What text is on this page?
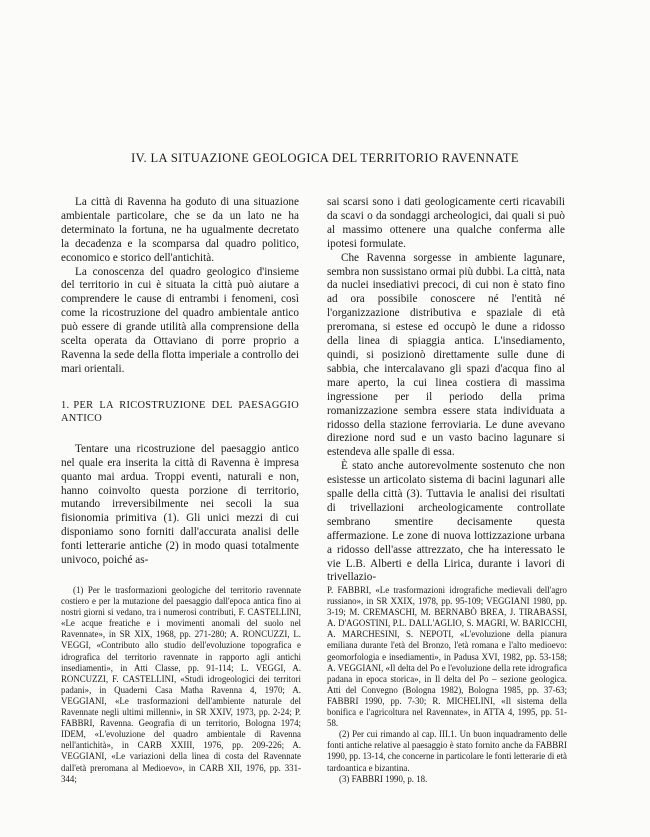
IV. LA SITUAZIONE GEOLOGICA DEL TERRITORIO RAVENNATE

La città di Ravenna ha goduto di una situazione ambientale particolare, che se da un lato ne ha determinato la fortuna, ne ha ugualmente decretato la decadenza e la scomparsa dal quadro politico, economico e storico dell'antichità.

La conoscenza del quadro geologico d'insieme del territorio in cui è situata la città può aiutare a comprendere le cause di entrambi i fenomeni, così come la ricostruzione del quadro ambientale antico può essere di grande utilità alla comprensione della scelta operata da Ottaviano di porre proprio a Ravenna la sede della flotta imperiale a controllo dei mari orientali.

1. PER LA RICOSTRUZIONE DEL PAESAGGIO ANTICO

Tentare una ricostruzione del paesaggio antico nel quale era inserita la città di Ravenna è impresa quanto mai ardua. Troppi eventi, naturali e non, hanno coinvolto questa porzione di territorio, mutando irreversibilmente nei secoli la sua fisionomia primitiva (1). Gli unici mezzi di cui disponiamo sono forniti dall'accurata analisi delle fonti letterarie antiche (2) in modo quasi totalmente univoco, poiché as-

sai scarsi sono i dati geologicamente certi ricavabili da scavi o da sondaggi archeologici, dai quali si può al massimo ottenere una qualche conferma alle ipotesi formulate.

Che Ravenna sorgesse in ambiente lagunare, sembra non sussistano ormai più dubbi. La città, nata da nuclei insediativi precoci, di cui non è stato fino ad ora possibile conoscere né l'entità né l'organizzazione distributiva e spaziale di età preromana, si estese ed occupò le dune a ridosso della linea di spiaggia antica. L'insediamento, quindi, si posizionò direttamente sulle dune di sabbia, che intercalavano gli spazi d'acqua fino al mare aperto, la cui linea costiera di massima ingressione per il periodo della prima romanizzazione sembra essere stata individuata a ridosso della stazione ferroviaria. Le dune avevano direzione nord sud e un vasto bacino lagunare si estendeva alle spalle di essa.

È stato anche autorevolmente sostenuto che non esistesse un articolato sistema di bacini lagunari alle spalle della città (3). Tuttavia le analisi dei risultati di trivellazioni archeologicamente controllate sembrano smentire decisamente questa affermazione. Le zone di nuova lottizzazione urbana a ridosso dell'asse attrezzato, che ha interessato le vie L.B. Alberti e della Lirica, durante i lavori di trivellazio-

(1) Per le trasformazioni geologiche del territorio ravennate costiero e per la mutazione del paesaggio dall'epoca antica fino ai nostri giorni si vedano, tra i numerosi contributi, F. CASTELLINI, «Le acque freatiche e i movimenti anomali del suolo nel Ravennate», in SR XIX, 1968, pp. 271-280; A. RONCUZZI, L. VEGGI, «Contributo allo studio dell'evoluzione topografica e idrografica del territorio ravennate in rapporto agli antichi insediamenti», in Atti Classe, pp. 91-114; L. VEGGI, A. RONCUZZI, F. CASTELLINI, «Studi idrogeologici dei territori padani», in Quaderni Casa Matha Ravenna 4, 1970; A. VEGGIANI, «Le trasformazioni dell'ambiente naturale del Ravennate negli ultimi millenni», in SR XXIV, 1973, pp. 2-24; P. FABBRI, Ravenna. Geografia di un territorio, Bologna 1974; IDEM, «L'evoluzione del quadro ambientale di Ravenna nell'antichità», in CARB XXIII, 1976, pp. 209-226; A. VEGGIANI, «Le variazioni della linea di costa del Ravennate dall'età preromana al Medioevo», in CARB XII, 1976, pp. 331-344;

P. FABBRI, «Le trasformazioni idrografiche medievali dell'agro russiano», in SR XXIX, 1978, pp. 95-109; VEGGIANI 1980, pp. 3-19; M. CREMASCHI, M. BERNABÒ BREA, J. TIRABASSI, A. D'AGOSTINI, P.L. DALL'AGLIO, S. MAGRI, W. BARICCHI, A. MARCHESINI, S. NEPOTI, «L'evoluzione della pianura emiliana durante l'età del Bronzo, l'età romana e l'alto medioevo: geomorfologia e insediamenti», in Padusa XVI, 1982, pp. 53-158; A. VEGGIANI, «Il delta del Po e l'evoluzione della rete idrografica padana in epoca storica», in Il delta del Po – sezione geologica. Atti del Convegno (Bologna 1982), Bologna 1985, pp. 37-63; FABBRI 1990, pp. 7-30; R. MICHELINI, «Il sistema della bonifica e l'agricoltura nel Ravennate», in ATTA 4, 1995, pp. 51-58.

(2) Per cui rimando al cap. III.1. Un buon inquadramento delle fonti antiche relative al paesaggio è stato fornito anche da FABBRI 1990, pp. 13-14, che concerne in particolare le fonti letterarie di età tardoantica e bizantina.

(3) FABBRI 1990, p. 18.
